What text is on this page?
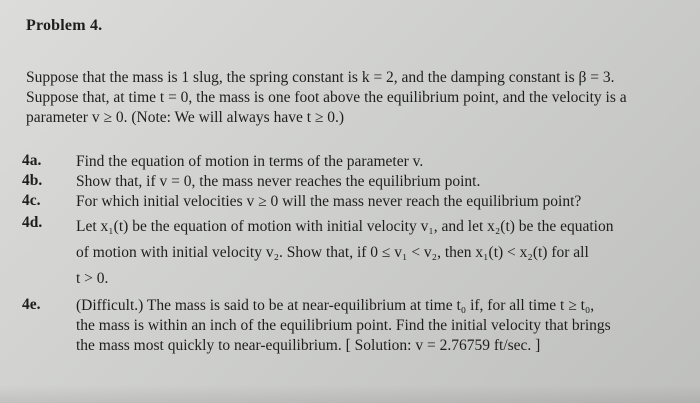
Problem 4.
Suppose that the mass is 1 slug, the spring constant is k = 2, and the damping constant is β = 3.
Suppose that, at time t = 0, the mass is one foot above the equilibrium point, and the velocity is a
parameter v ≥ 0. (Note: We will always have t ≥ 0.)
4a. Find the equation of motion in terms of the parameter v.
4b. Show that, if v = 0, the mass never reaches the equilibrium point.
4c. For which initial velocities v ≥ 0 will the mass never reach the equilibrium point?
4d. Let x₁(t) be the equation of motion with initial velocity v₁, and let x₂(t) be the equation
of motion with initial velocity v₂. Show that, if 0 ≤ v₁ < v₂, then x₁(t) < x₂(t) for all
t > 0.
4e. (Difficult.) The mass is said to be at near-equilibrium at time t₀ if, for all time t ≥ t₀,
the mass is within an inch of the equilibrium point. Find the initial velocity that brings
the mass most quickly to near-equilibrium. [ Solution: v = 2.76759 ft/sec. ]
